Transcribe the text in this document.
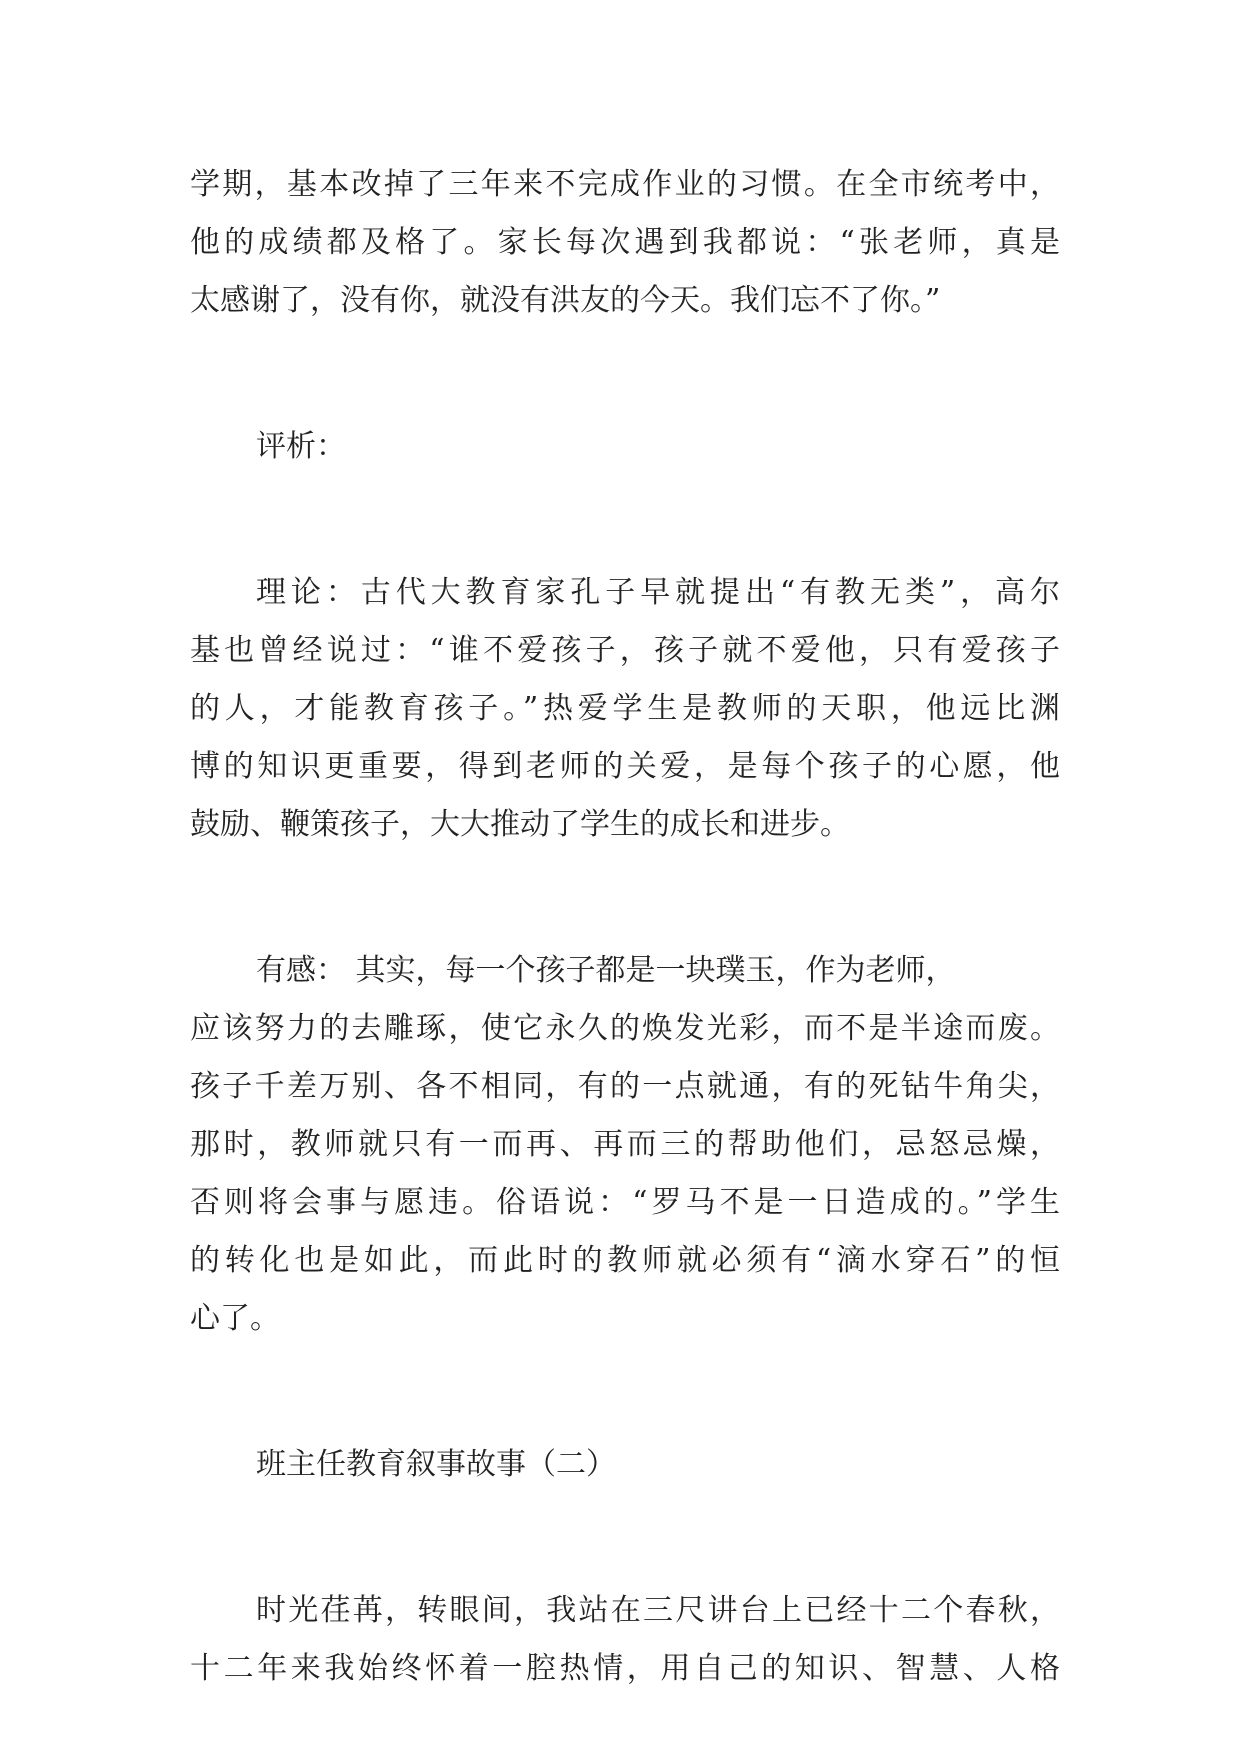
学期，基本改掉了三年来不完成作业的习惯。在全市统考中，
他的成绩都及格了。家长每次遇到我都说：“张老师，真是
太感谢了，没有你，就没有洪友的今天。我们忘不了你。”
评析：
理论：古代大教育家孔子早就提出“有教无类”，高尔
基也曾经说过：“谁不爱孩子，孩子就不爱他，只有爱孩子
的人，才能教育孩子。”热爱学生是教师的天职，他远比渊
博的知识更重要，得到老师的关爱，是每个孩子的心愿，他
鼓励、鞭策孩子，大大推动了学生的成长和进步。
有感： 其实，每一个孩子都是一块璞玉，作为老师，
应该努力的去雕琢，使它永久的焕发光彩，而不是半途而废。
孩子千差万别、各不相同，有的一点就通，有的死钻牛角尖，
那时，教师就只有一而再、再而三的帮助他们，忌怒忌燥，
否则将会事与愿违。俗语说：“罗马不是一日造成的。”学生
的转化也是如此，而此时的教师就必须有“滴水穿石”的恒
心了。
班主任教育叙事故事（二）
时光荏苒，转眼间，我站在三尺讲台上已经十二个春秋，
十二年来我始终怀着一腔热情，用自己的知识、智慧、人格
